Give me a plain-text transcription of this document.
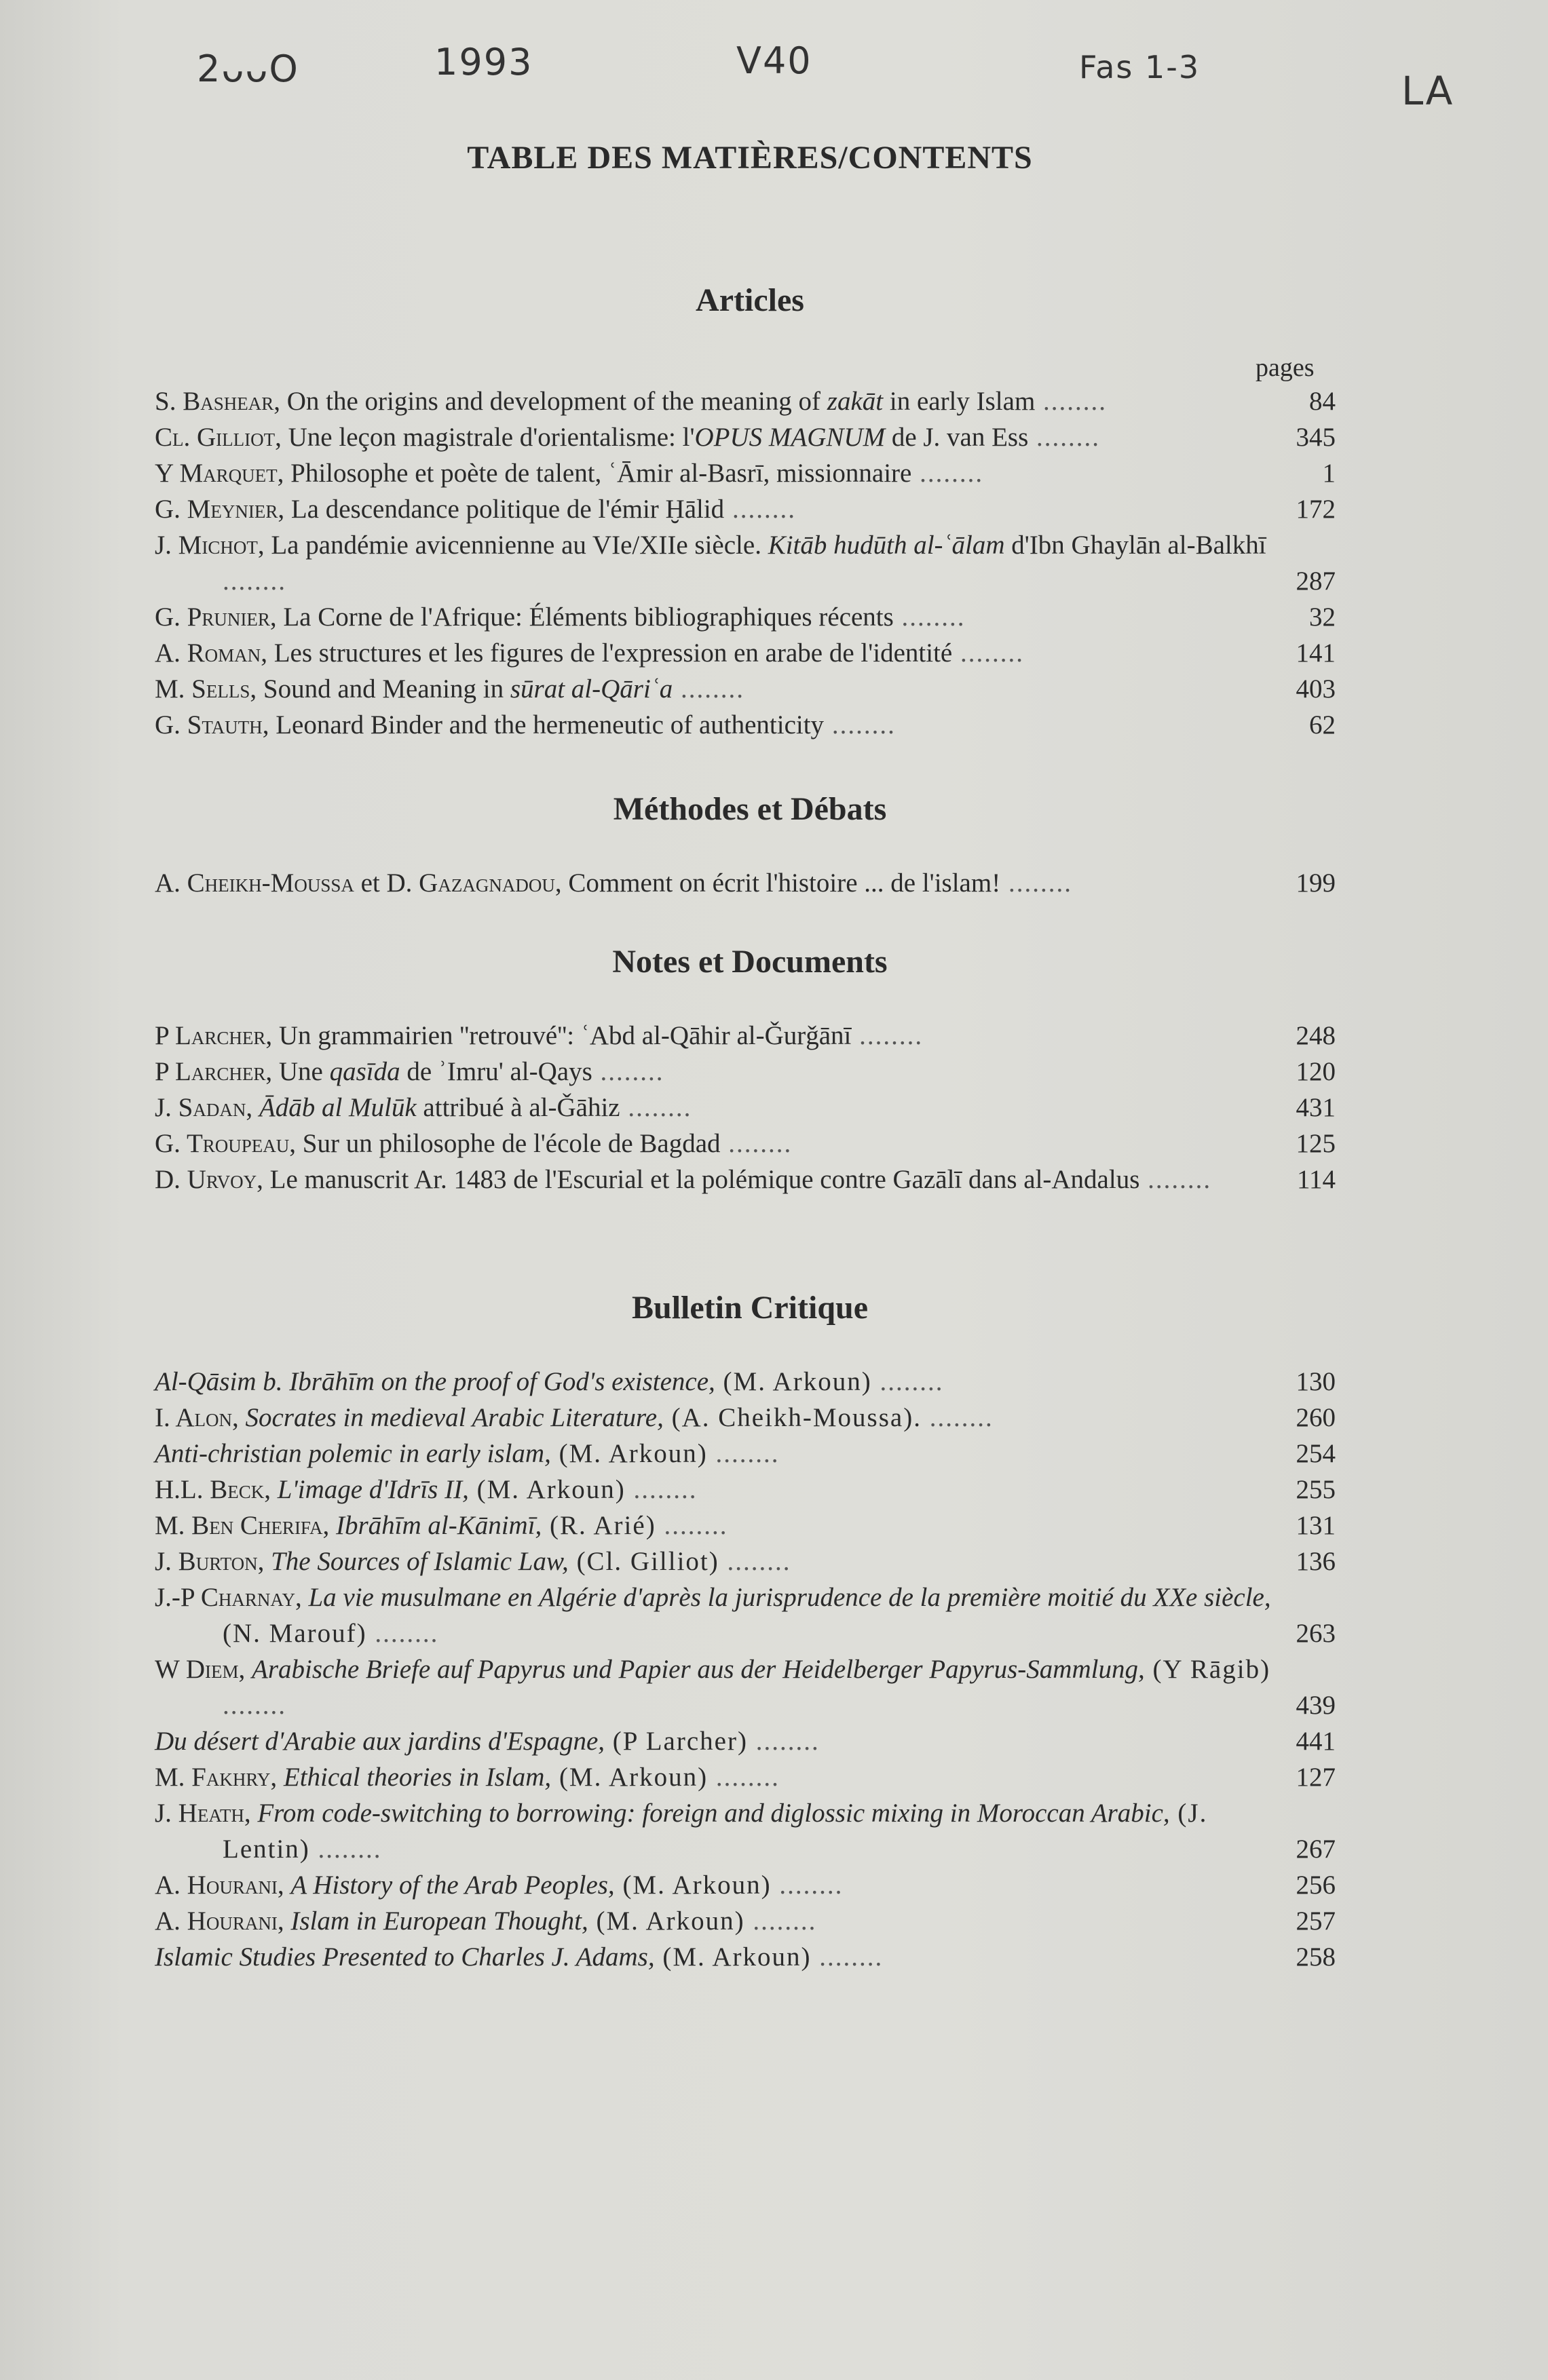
2ᴗᴗO	1993	V40	Fas 1-3
LA
TABLE DES MATIÈRES/CONTENTS
Articles
pages
S. Bashear, On the origins and development of the meaning of zakāt in early Islam ........	84
Cl. Gilliot, Une leçon magistrale d'orientalisme: l'OPUS MAGNUM de J. van Ess ........	345
Y Marquet, Philosophe et poète de talent, ʿĀmir al-Basrī, missionnaire ........	1
G. Meynier, La descendance politique de l'émir Ḫālid ........	172
J. Michot, La pandémie avicennienne au VIe/XIIe siècle. Kitāb hudūth al-ʿālam d'Ibn Ghaylān al-Balkhī ........	287
G. Prunier, La Corne de l'Afrique: Éléments bibliographiques récents ........	32
A. Roman, Les structures et les figures de l'expression en arabe de l'identité ........	141
M. Sells, Sound and Meaning in sūrat al-Qāriʿa ........	403
G. Stauth, Leonard Binder and the hermeneutic of authenticity ........	62
Méthodes et Débats
A. Cheikh-Moussa et D. Gazagnadou, Comment on écrit l'histoire ... de l'islam! ........	199
Notes et Documents
P Larcher, Un grammairien ''retrouvé'': ʿAbd al-Qāhir al-Ǧurǧānī ........	248
P Larcher, Une qasīda de ʾImru' al-Qays ........	120
J. Sadan, Ādāb al Mulūk attribué à al-Ǧāhiz ........	431
G. Troupeau, Sur un philosophe de l'école de Bagdad ........	125
D. Urvoy, Le manuscrit Ar. 1483 de l'Escurial et la polémique contre Gazālī dans al-Andalus ........	114
Bulletin Critique
Al-Qāsim b. Ibrāhīm on the proof of God's existence, (M. Arkoun) ........	130
I. Alon, Socrates in medieval Arabic Literature, (A. Cheikh-Moussa). ........	260
Anti-christian polemic in early islam, (M. Arkoun) ........	254
H.L. Beck, L'image d'Idrīs II, (M. Arkoun) ........	255
M. Ben Cherifa, Ibrāhīm al-Kānimī, (R. Arié) ........	131
J. Burton, The Sources of Islamic Law, (Cl. Gilliot) ........	136
J.-P Charnay, La vie musulmane en Algérie d'après la jurisprudence de la première moitié du XXe siècle, (N. Marouf) ........	263
W Diem, Arabische Briefe auf Papyrus und Papier aus der Heidelberger Papyrus-Sammlung, (Y Rāgib) ........	439
Du désert d'Arabie aux jardins d'Espagne, (P Larcher) ........	441
M. Fakhry, Ethical theories in Islam, (M. Arkoun) ........	127
J. Heath, From code-switching to borrowing: foreign and diglossic mixing in Moroccan Arabic, (J. Lentin) ........	267
A. Hourani, A History of the Arab Peoples, (M. Arkoun) ........	256
A. Hourani, Islam in European Thought, (M. Arkoun) ........	257
Islamic Studies Presented to Charles J. Adams, (M. Arkoun) ........	258
